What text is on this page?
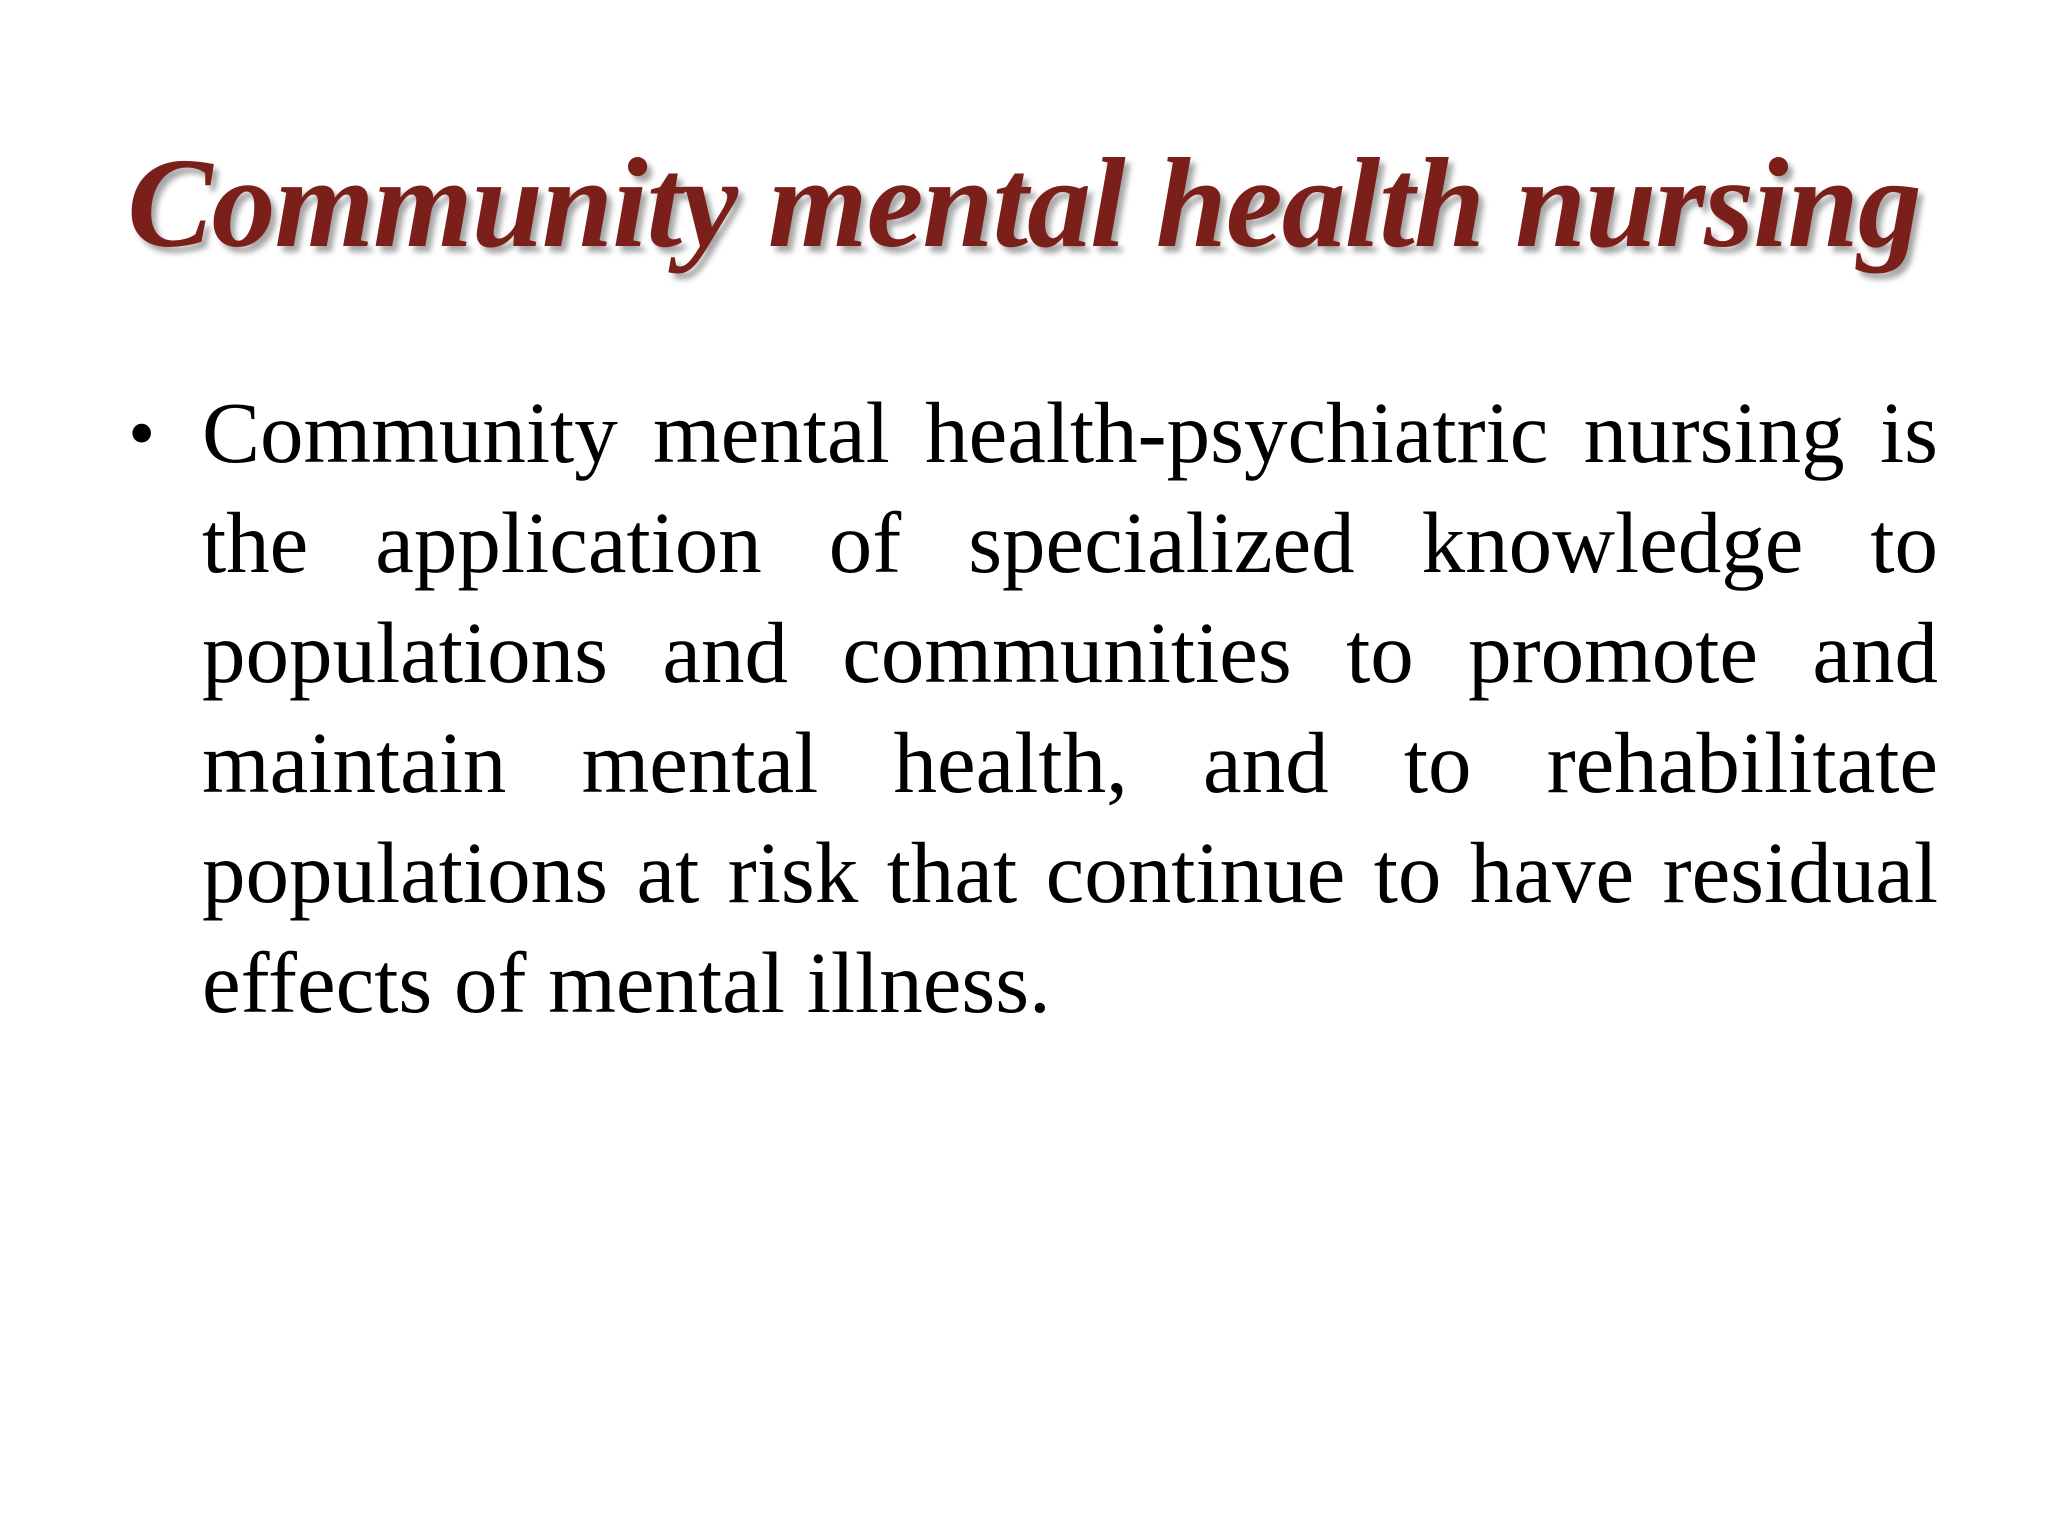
Community mental health nursing
• Community mental health-psychiatric nursing is the application of specialized knowledge to populations and communities to promote and maintain mental health, and to rehabilitate populations at risk that continue to have residual effects of mental illness.
